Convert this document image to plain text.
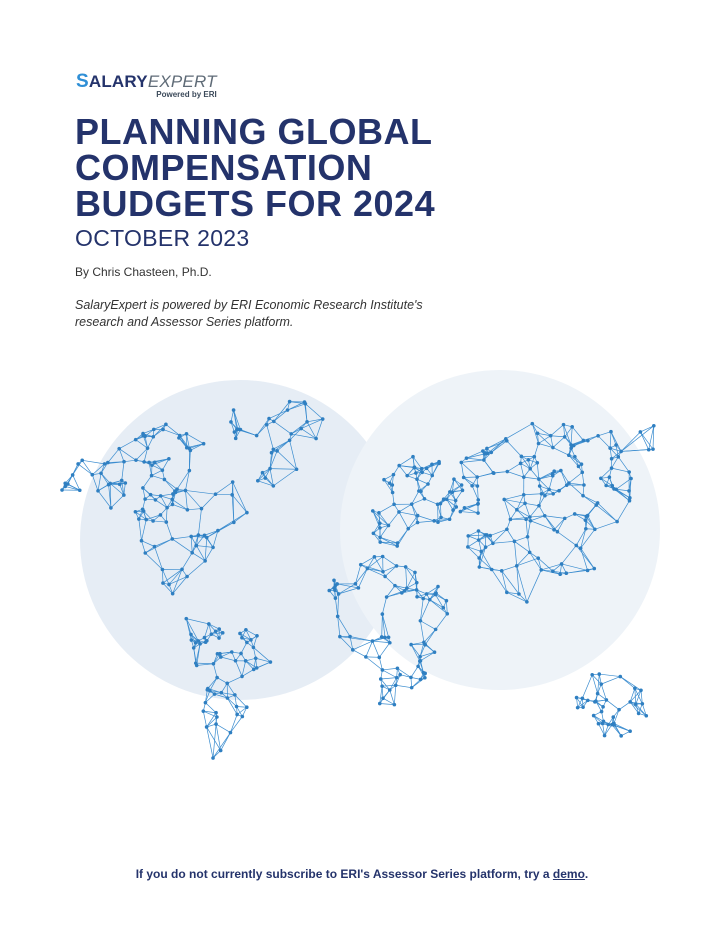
SALARYEXPERT
Powered by ERI
PLANNING GLOBAL
COMPENSATION
BUDGETS FOR 2024
OCTOBER 2023
By Chris Chasteen, Ph.D.
SalaryExpert is powered by ERI Economic Research Institute's research and Assessor Series platform.
If you do not currently subscribe to ERI's Assessor Series platform, try a demo.
